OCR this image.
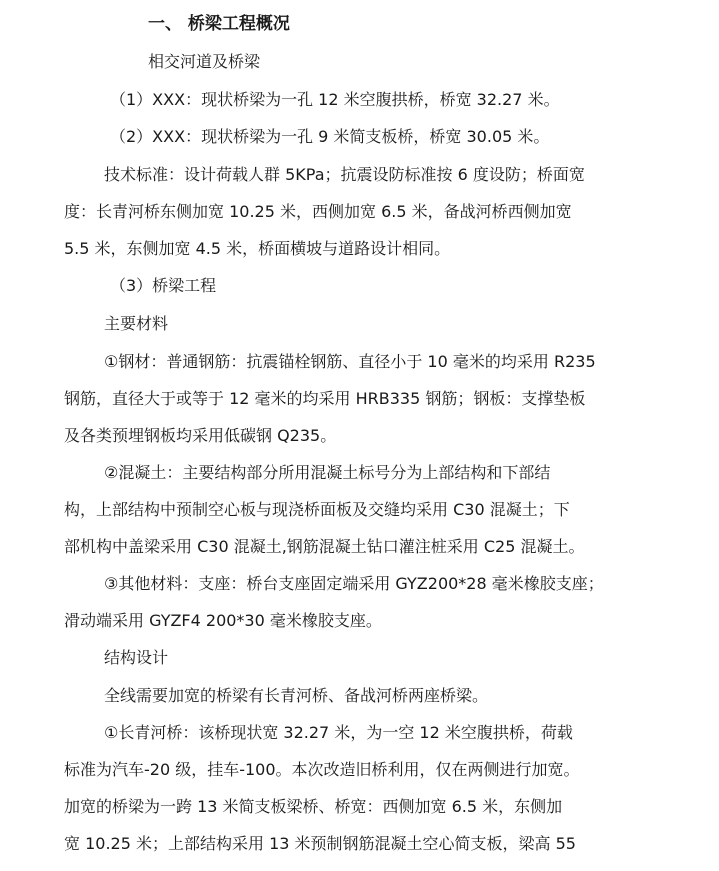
一、 桥梁工程概况
相交河道及桥梁
（1）XXX：现状桥梁为一孔 12 米空腹拱桥，桥宽 32.27 米。
（2）XXX：现状桥梁为一孔 9 米简支板桥，桥宽 30.05 米。
技术标准：设计荷载人群 5KPa；抗震设防标准按 6 度设防；桥面宽
度：长青河桥东侧加宽 10.25 米，西侧加宽 6.5 米，备战河桥西侧加宽
5.5 米，东侧加宽 4.5 米，桥面横坡与道路设计相同。
（3）桥梁工程
主要材料
①钢材：普通钢筋：抗震锚栓钢筋、直径小于 10 毫米的均采用 R235
钢筋，直径大于或等于 12 毫米的均采用 HRB335 钢筋；钢板：支撑垫板
及各类预埋钢板均采用低碳钢 Q235。
②混凝土：主要结构部分所用混凝土标号分为上部结构和下部结
构，上部结构中预制空心板与现浇桥面板及交缝均采用 C30 混凝土；下
部机构中盖梁采用 C30 混凝土,钢筋混凝土钻口灌注桩采用 C25 混凝土。
③其他材料：支座：桥台支座固定端采用 GYZ200*28 毫米橡胶支座；
滑动端采用 GYZF4 200*30 毫米橡胶支座。
结构设计
全线需要加宽的桥梁有长青河桥、备战河桥两座桥梁。
①长青河桥：该桥现状宽 32.27 米，为一空 12 米空腹拱桥，荷载
标准为汽车-20 级，挂车-100。本次改造旧桥利用，仅在两侧进行加宽。
加宽的桥梁为一跨 13 米简支板梁桥、桥宽：西侧加宽 6.5 米，东侧加
宽 10.25 米；上部结构采用 13 米预制钢筋混凝土空心简支板，梁高 55
